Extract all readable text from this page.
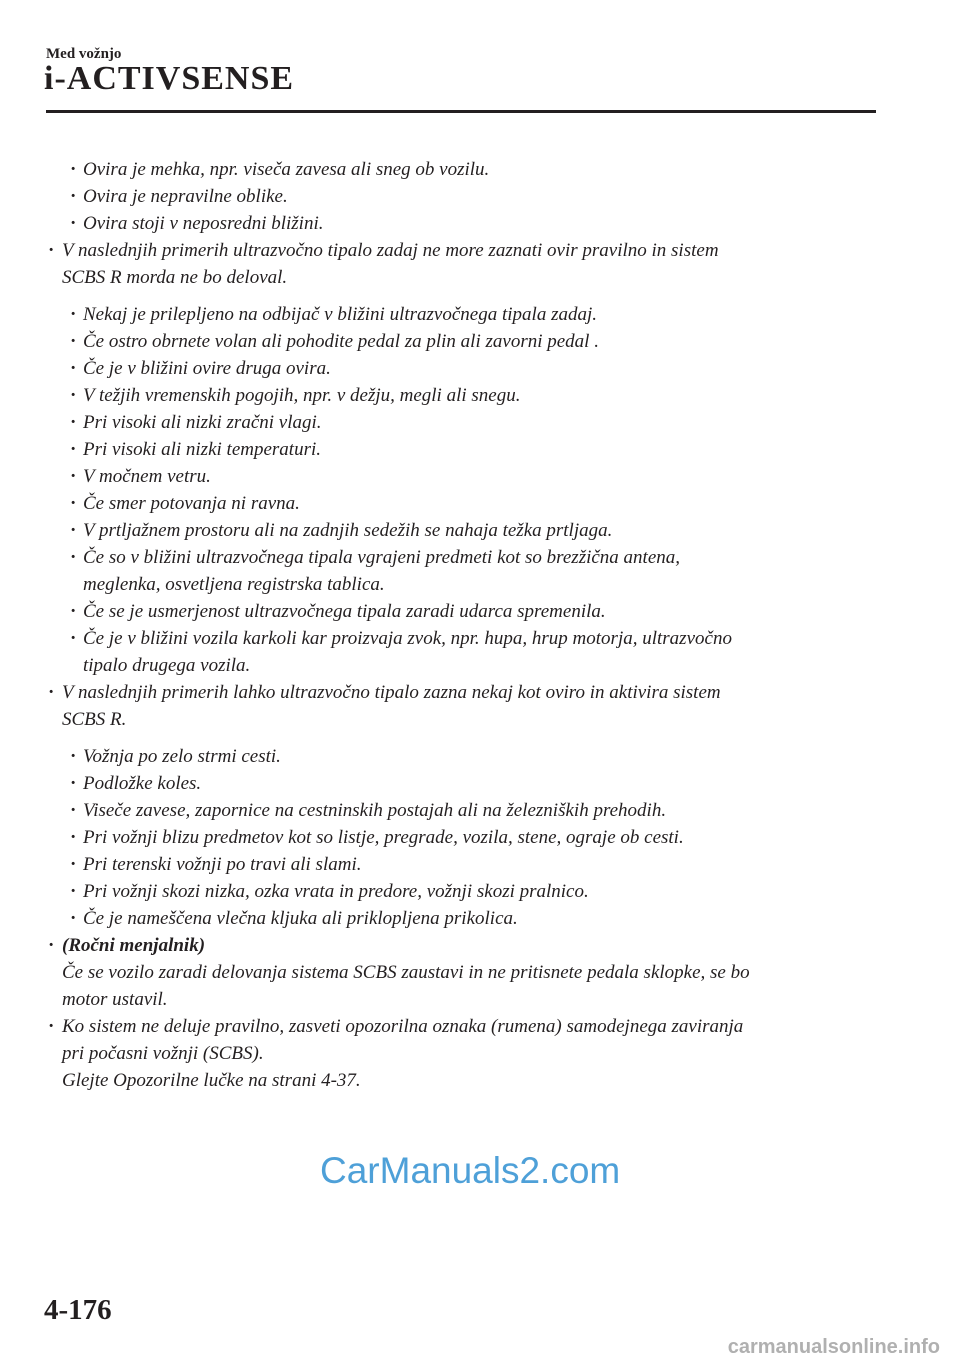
Med vožnjo
i-ACTIVSENSE
· Ovira je mehka, npr. viseča zavesa ali sneg ob vozilu.
· Ovira je nepravilne oblike.
· Ovira stoji v neposredni bližini.
· V naslednjih primerih ultrazvočno tipalo zadaj ne more zaznati ovir pravilno in sistem
SCBS R morda ne bo deloval.
· Nekaj je prilepljeno na odbijač v bližini ultrazvočnega tipala zadaj.
· Če ostro obrnete volan ali pohodite pedal za plin ali zavorni pedal .
· Če je v bližini ovire druga ovira.
· V težjih vremenskih pogojih, npr. v dežju, megli ali snegu.
· Pri visoki ali nizki zračni vlagi.
· Pri visoki ali nizki temperaturi.
· V močnem vetru.
· Če smer potovanja ni ravna.
· V prtljažnem prostoru ali na zadnjih sedežih se nahaja težka prtljaga.
· Če so v bližini ultrazvočnega tipala vgrajeni predmeti kot so brezžična antena,
meglenka, osvetljena registrska tablica.
· Če se je usmerjenost ultrazvočnega tipala zaradi udarca spremenila.
· Če je v bližini vozila karkoli kar proizvaja zvok, npr. hupa, hrup motorja, ultrazvočno
tipalo drugega vozila.
· V naslednjih primerih lahko ultrazvočno tipalo zazna nekaj kot oviro in aktivira sistem
SCBS R.
· Vožnja po zelo strmi cesti.
· Podložke koles.
· Viseče zavese, zapornice na cestninskih postajah ali na železniških prehodih.
· Pri vožnji blizu predmetov kot so listje, pregrade, vozila, stene, ograje ob cesti.
· Pri terenski vožnji po travi ali slami.
· Pri vožnji skozi nizka, ozka vrata in predore, vožnji skozi pralnico.
· Če je nameščena vlečna kljuka ali priklopljena prikolica.
· (Ročni menjalnik)
Če se vozilo zaradi delovanja sistema SCBS zaustavi in ne pritisnete pedala sklopke, se bo
motor ustavil.
· Ko sistem ne deluje pravilno, zasveti opozorilna oznaka (rumena) samodejnega zaviranja
pri počasni vožnji (SCBS).
Glejte Opozorilne lučke na strani 4-37.
CarManuals2.com
4-176
carmanualsonline.info
